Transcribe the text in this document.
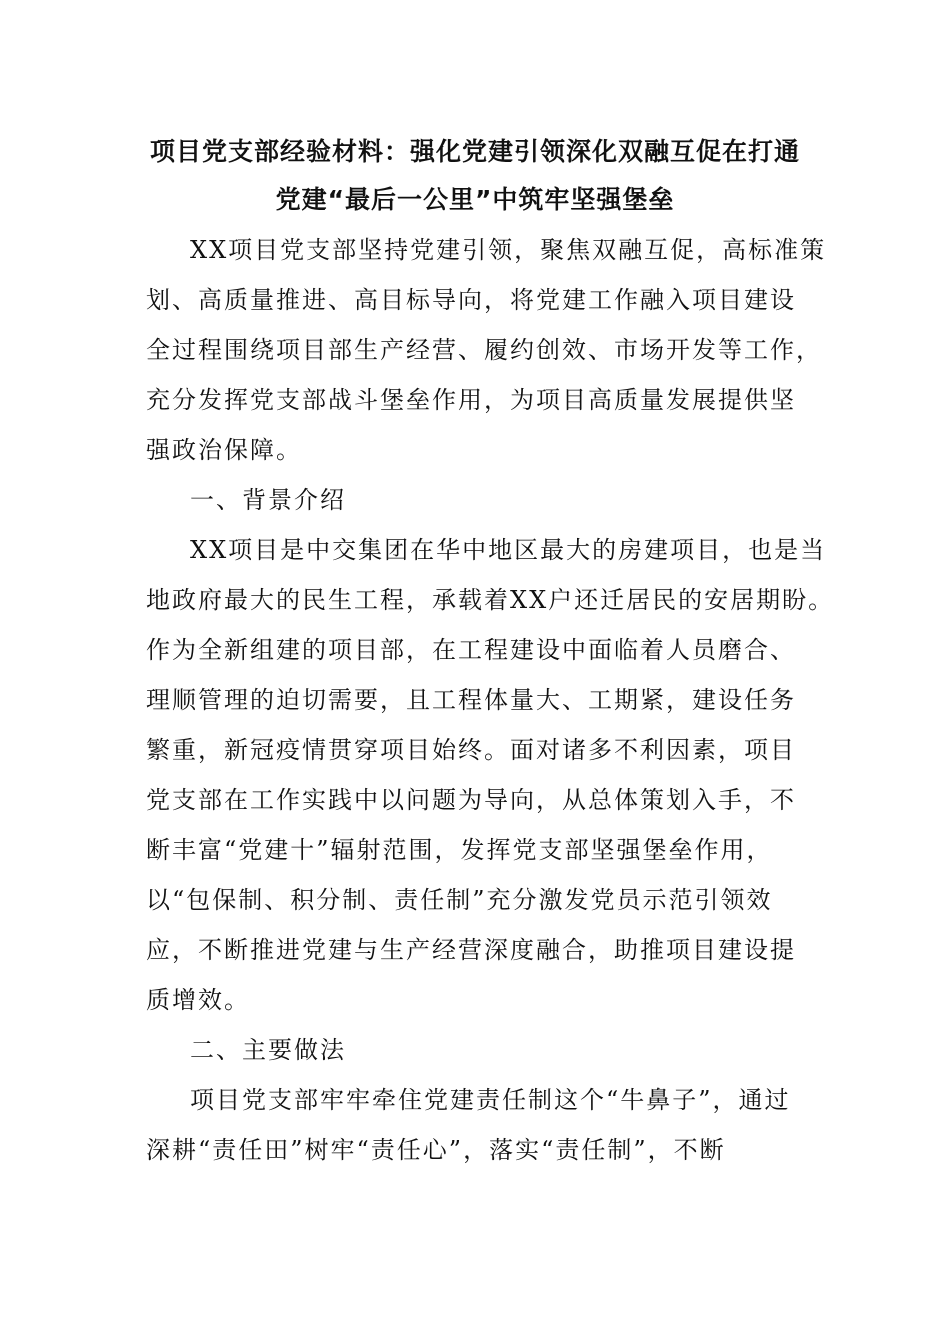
项目党支部经验材料：强化党建引领深化双融互促在打通
党建“最后一公里”中筑牢坚强堡垒
XX项目党支部坚持党建引领，聚焦双融互促，高标准策
划、高质量推进、高目标导向，将党建工作融入项目建设
全过程围绕项目部生产经营、履约创效、市场开发等工作，
充分发挥党支部战斗堡垒作用，为项目高质量发展提供坚
强政治保障。
一、背景介绍
XX项目是中交集团在华中地区最大的房建项目，也是当
地政府最大的民生工程，承载着XX户还迁居民的安居期盼。
作为全新组建的项目部，在工程建设中面临着人员磨合、
理顺管理的迫切需要，且工程体量大、工期紧，建设任务
繁重，新冠疫情贯穿项目始终。面对诸多不利因素，项目
党支部在工作实践中以问题为导向，从总体策划入手，不
断丰富“党建十”辐射范围，发挥党支部坚强堡垒作用，
以“包保制、积分制、责任制”充分激发党员示范引领效
应，不断推进党建与生产经营深度融合，助推项目建设提
质增效。
二、主要做法
项目党支部牢牢牵住党建责任制这个“牛鼻子”，通过
深耕“责任田”树牢“责任心”，落实“责任制”，不断
